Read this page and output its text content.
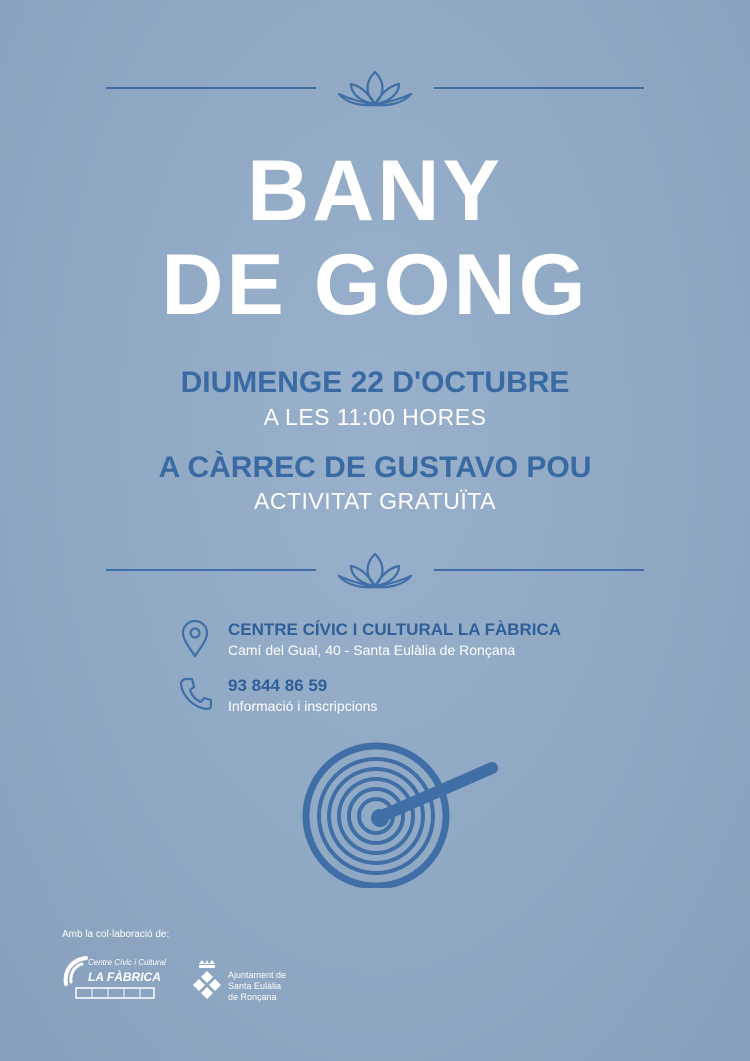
BANY
DE GONG
DIUMENGE 22 D'OCTUBRE
A LES 11:00 HORES
A CÀRREC DE GUSTAVO POU
ACTIVITAT GRATUÏTA
CENTRE CÍVIC I CULTURAL LA FÀBRICA
Camí del Gual, 40 - Santa Eulàlia de Ronçana
93 844 86 59
Informació i inscripcions
Amb la col·laboració de:
Centre Cívic i Cultural
LA FÀBRICA	Ajuntament de
Santa Eulàlia
de Ronçana
